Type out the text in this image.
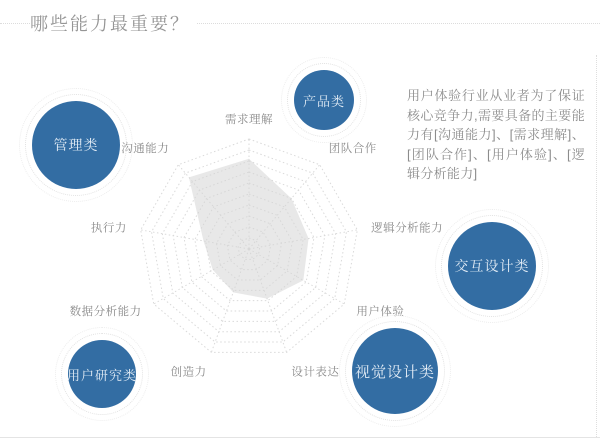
哪些能力最重要？
需求理解
团队合作
逻辑分析能力
用户体验
设计表达
创造力
数据分析能力
执行力
沟通能力
管理类
产品类
交互设计类
视觉设计类
用户研究类
用户体验行业从业者为了保证核心竞争力,需要具备的主要能力有[沟通能力]、[需求理解]、[团队合作]、[用户体验]、[逻辑分析能力]
